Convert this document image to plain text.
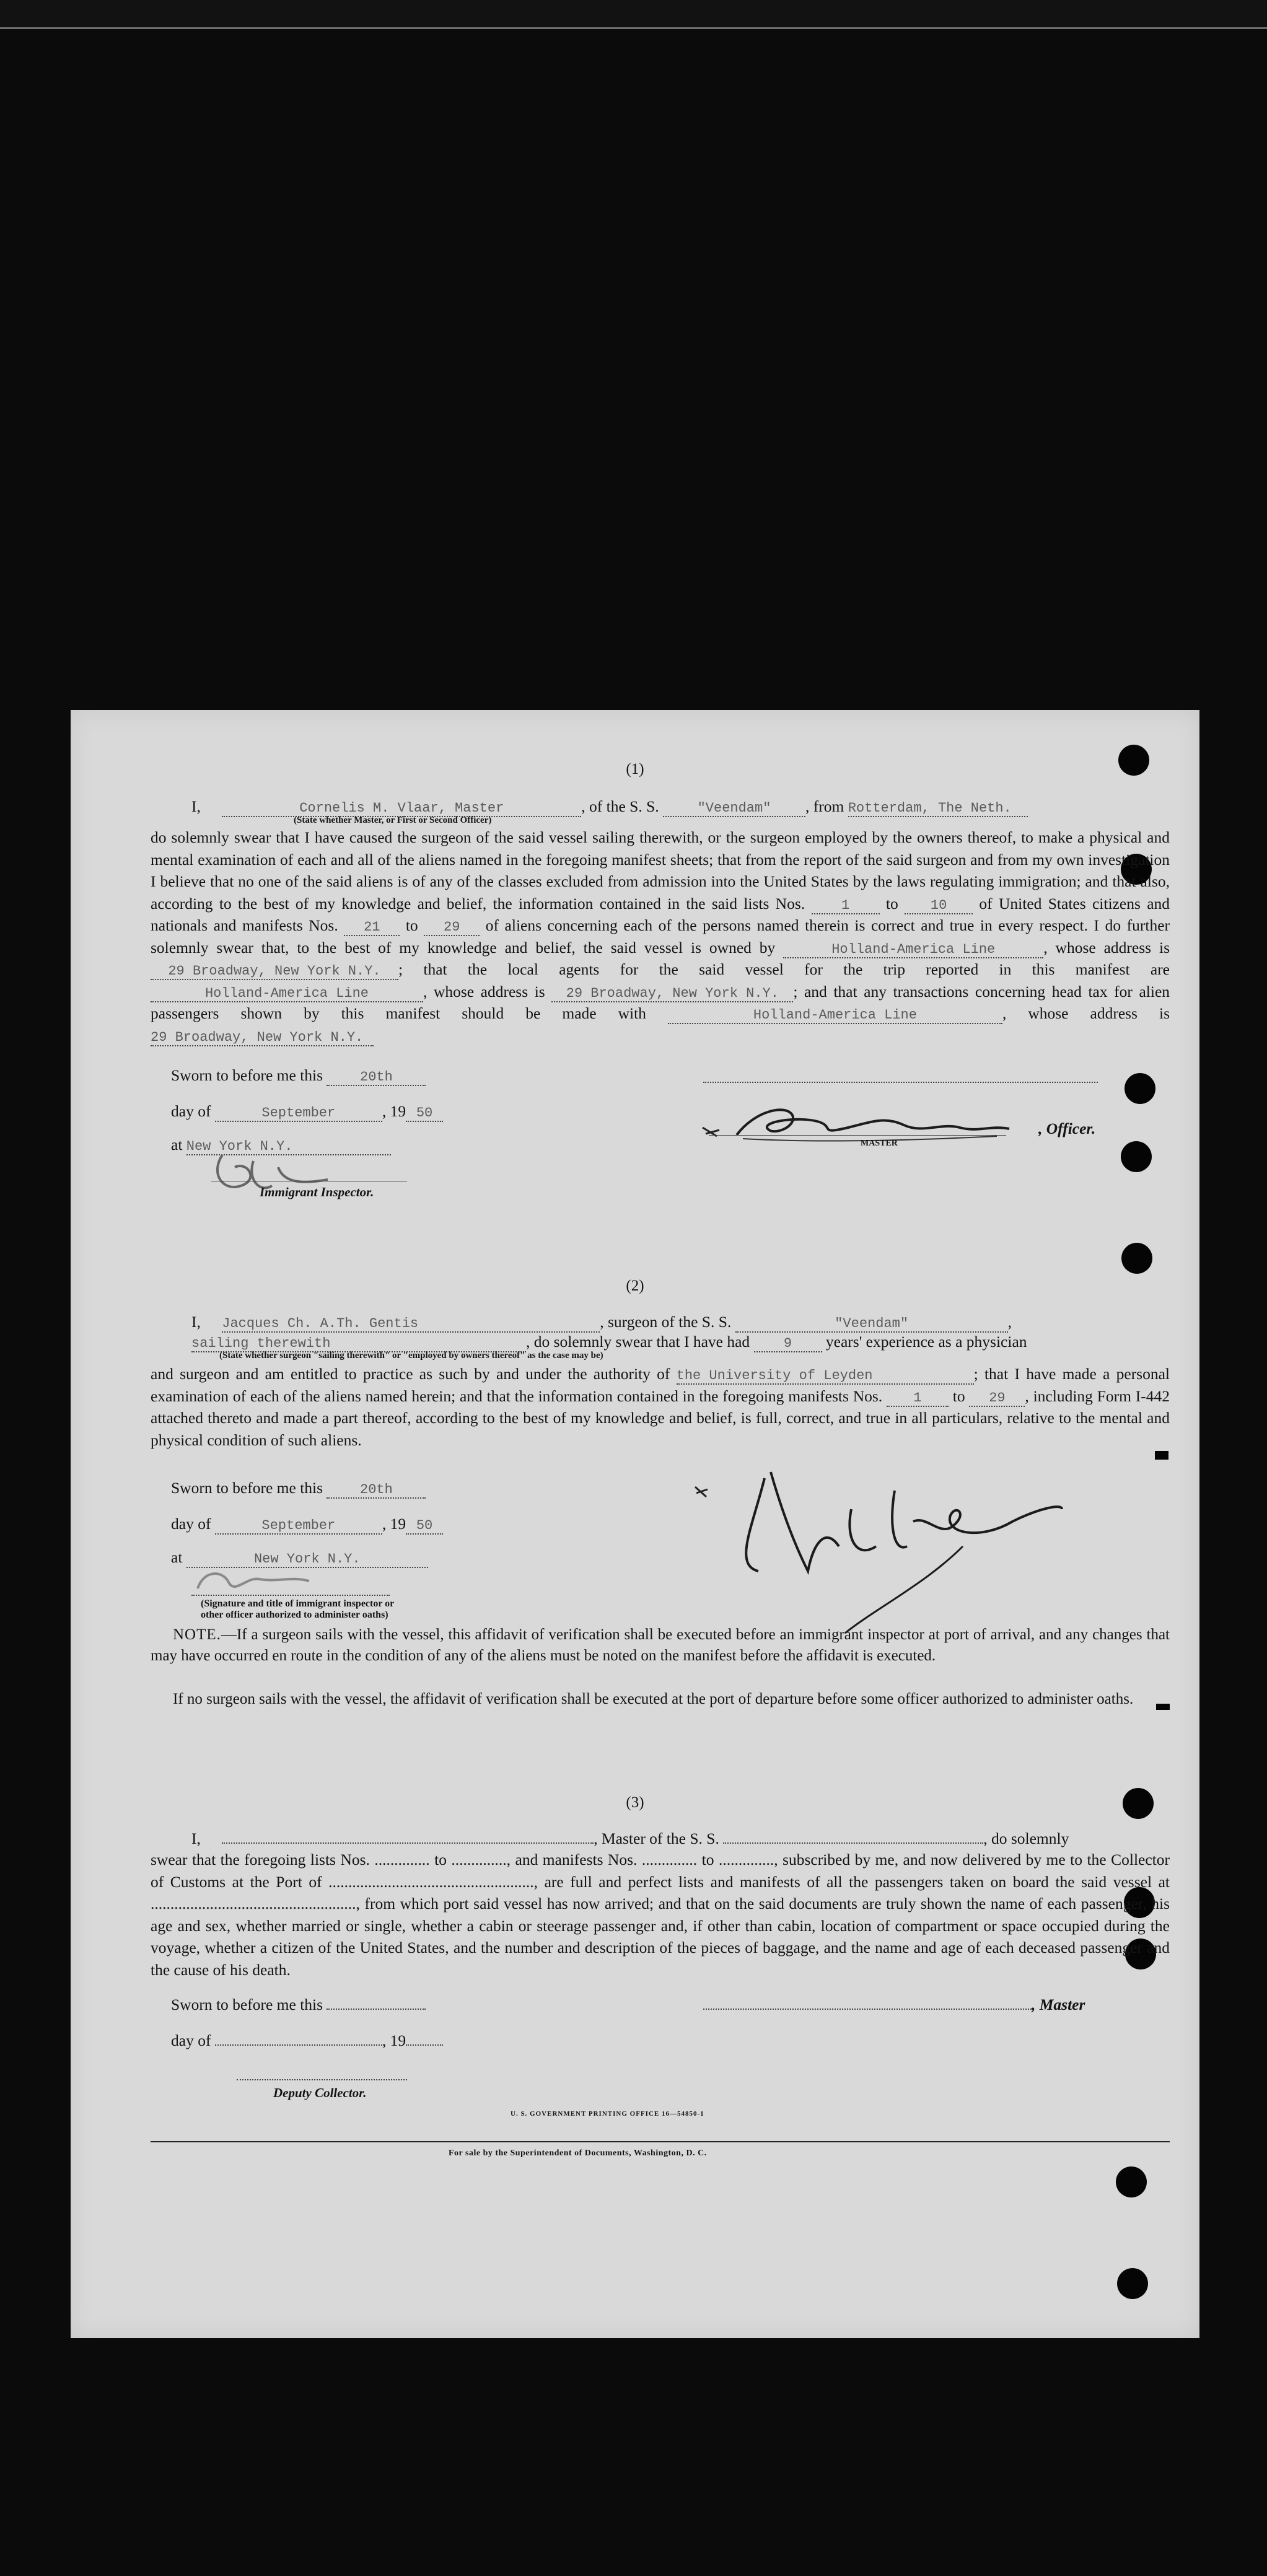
(1)
I,	Cornelis M. Vlaar, Master	, of the S. S.	"Veendam" , from Rotterdam, The Neth.
(State whether Master, or First or Second Officer)
do solemnly swear that I have caused the surgeon of the said vessel sailing therewith, or the surgeon employed by the owners thereof, to make a physical and mental examination of each and all of the aliens named in the foregoing manifest sheets; that from the report of the said surgeon and from my own investigation I believe that no one of the said aliens is of any of the classes excluded from admission into the United States by the laws regulating immigration; and that also, according to the best of my knowledge and belief, the information contained in the said lists Nos.	1 to 10 of United States citizens and nationals and manifests Nos. 21 to 29 of aliens concerning each of the persons named therein is correct and true in every respect. I do further solemnly swear that, to the best of my knowledge and belief, the said vessel is owned by	Holland-America Line	, whose address is 29 Broadway, New York N.Y. ; that the local agents for the said vessel for the trip reported in this manifest are Holland-America Line	, whose address is 29 Broadway, New York N.Y. ; and that any transactions concerning head tax for alien passengers shown by this manifest should be made with	Holland-America Line	, whose address is 29 Broadway, New York N.Y.
Sworn to before me this	20th
day of	September	, 19 50
at New York N.Y.
, Officer.
MASTER
Immigrant Inspector.
(2)
I, Jacques Ch. A.Th. Gentis	, surgeon of the S. S.	"Veendam"	,
sailing therewith	, do solemnly swear that I have had 9 years' experience as a physician
(State whether surgeon "sailing therewith" or "employed by owners thereof" as the case may be)
and surgeon and am entitled to practice as such by and under the authority of the University of Leyden	; that I have made a personal examination of each of the aliens named herein; and that the information contained in the foregoing manifests Nos. 1 to 29 , including Form I-442 attached thereto and made a part thereof, according to the best of my knowledge and belief, is full, correct, and true in all particulars, relative to the mental and physical condition of such aliens.
Sworn to before me this	20th
day of	September	, 19 50
at	New York N.Y.
(Signature and title of immigrant inspector or
other officer authorized to administer oaths)
NOTE.—If a surgeon sails with the vessel, this affidavit of verification shall be executed before an immigrant inspector at port of arrival, and any changes that may have occurred en route in the condition of any of the aliens must be noted on the manifest before the affidavit is executed.
If no surgeon sails with the vessel, the affidavit of verification shall be executed at the port of departure before some officer authorized to administer oaths.
(3)
I,	, Master of the S. S.	, do solemnly
swear that the foregoing lists Nos. .............. to .............., and manifests Nos. .............. to .............., subscribed by me, and now delivered by me to the Collector of Customs at the Port of ...................................................., are full and perfect lists and manifests of all the passengers taken on board the said vessel at ...................................................., from which port said vessel has now arrived; and that on the said documents are truly shown the name of each passenger, his age and sex, whether married or single, whether a cabin or steerage passenger and, if other than cabin, location of compartment or space occupied during the voyage, whether a citizen of the United States, and the number and description of the pieces of baggage, and the name and age of each deceased passenger and the cause of his death.
Sworn to before me this	, Master
day of	, 19
Deputy Collector.
U. S. GOVERNMENT PRINTING OFFICE 16—54850-1
For sale by the Superintendent of Documents, Washington, D. C.
